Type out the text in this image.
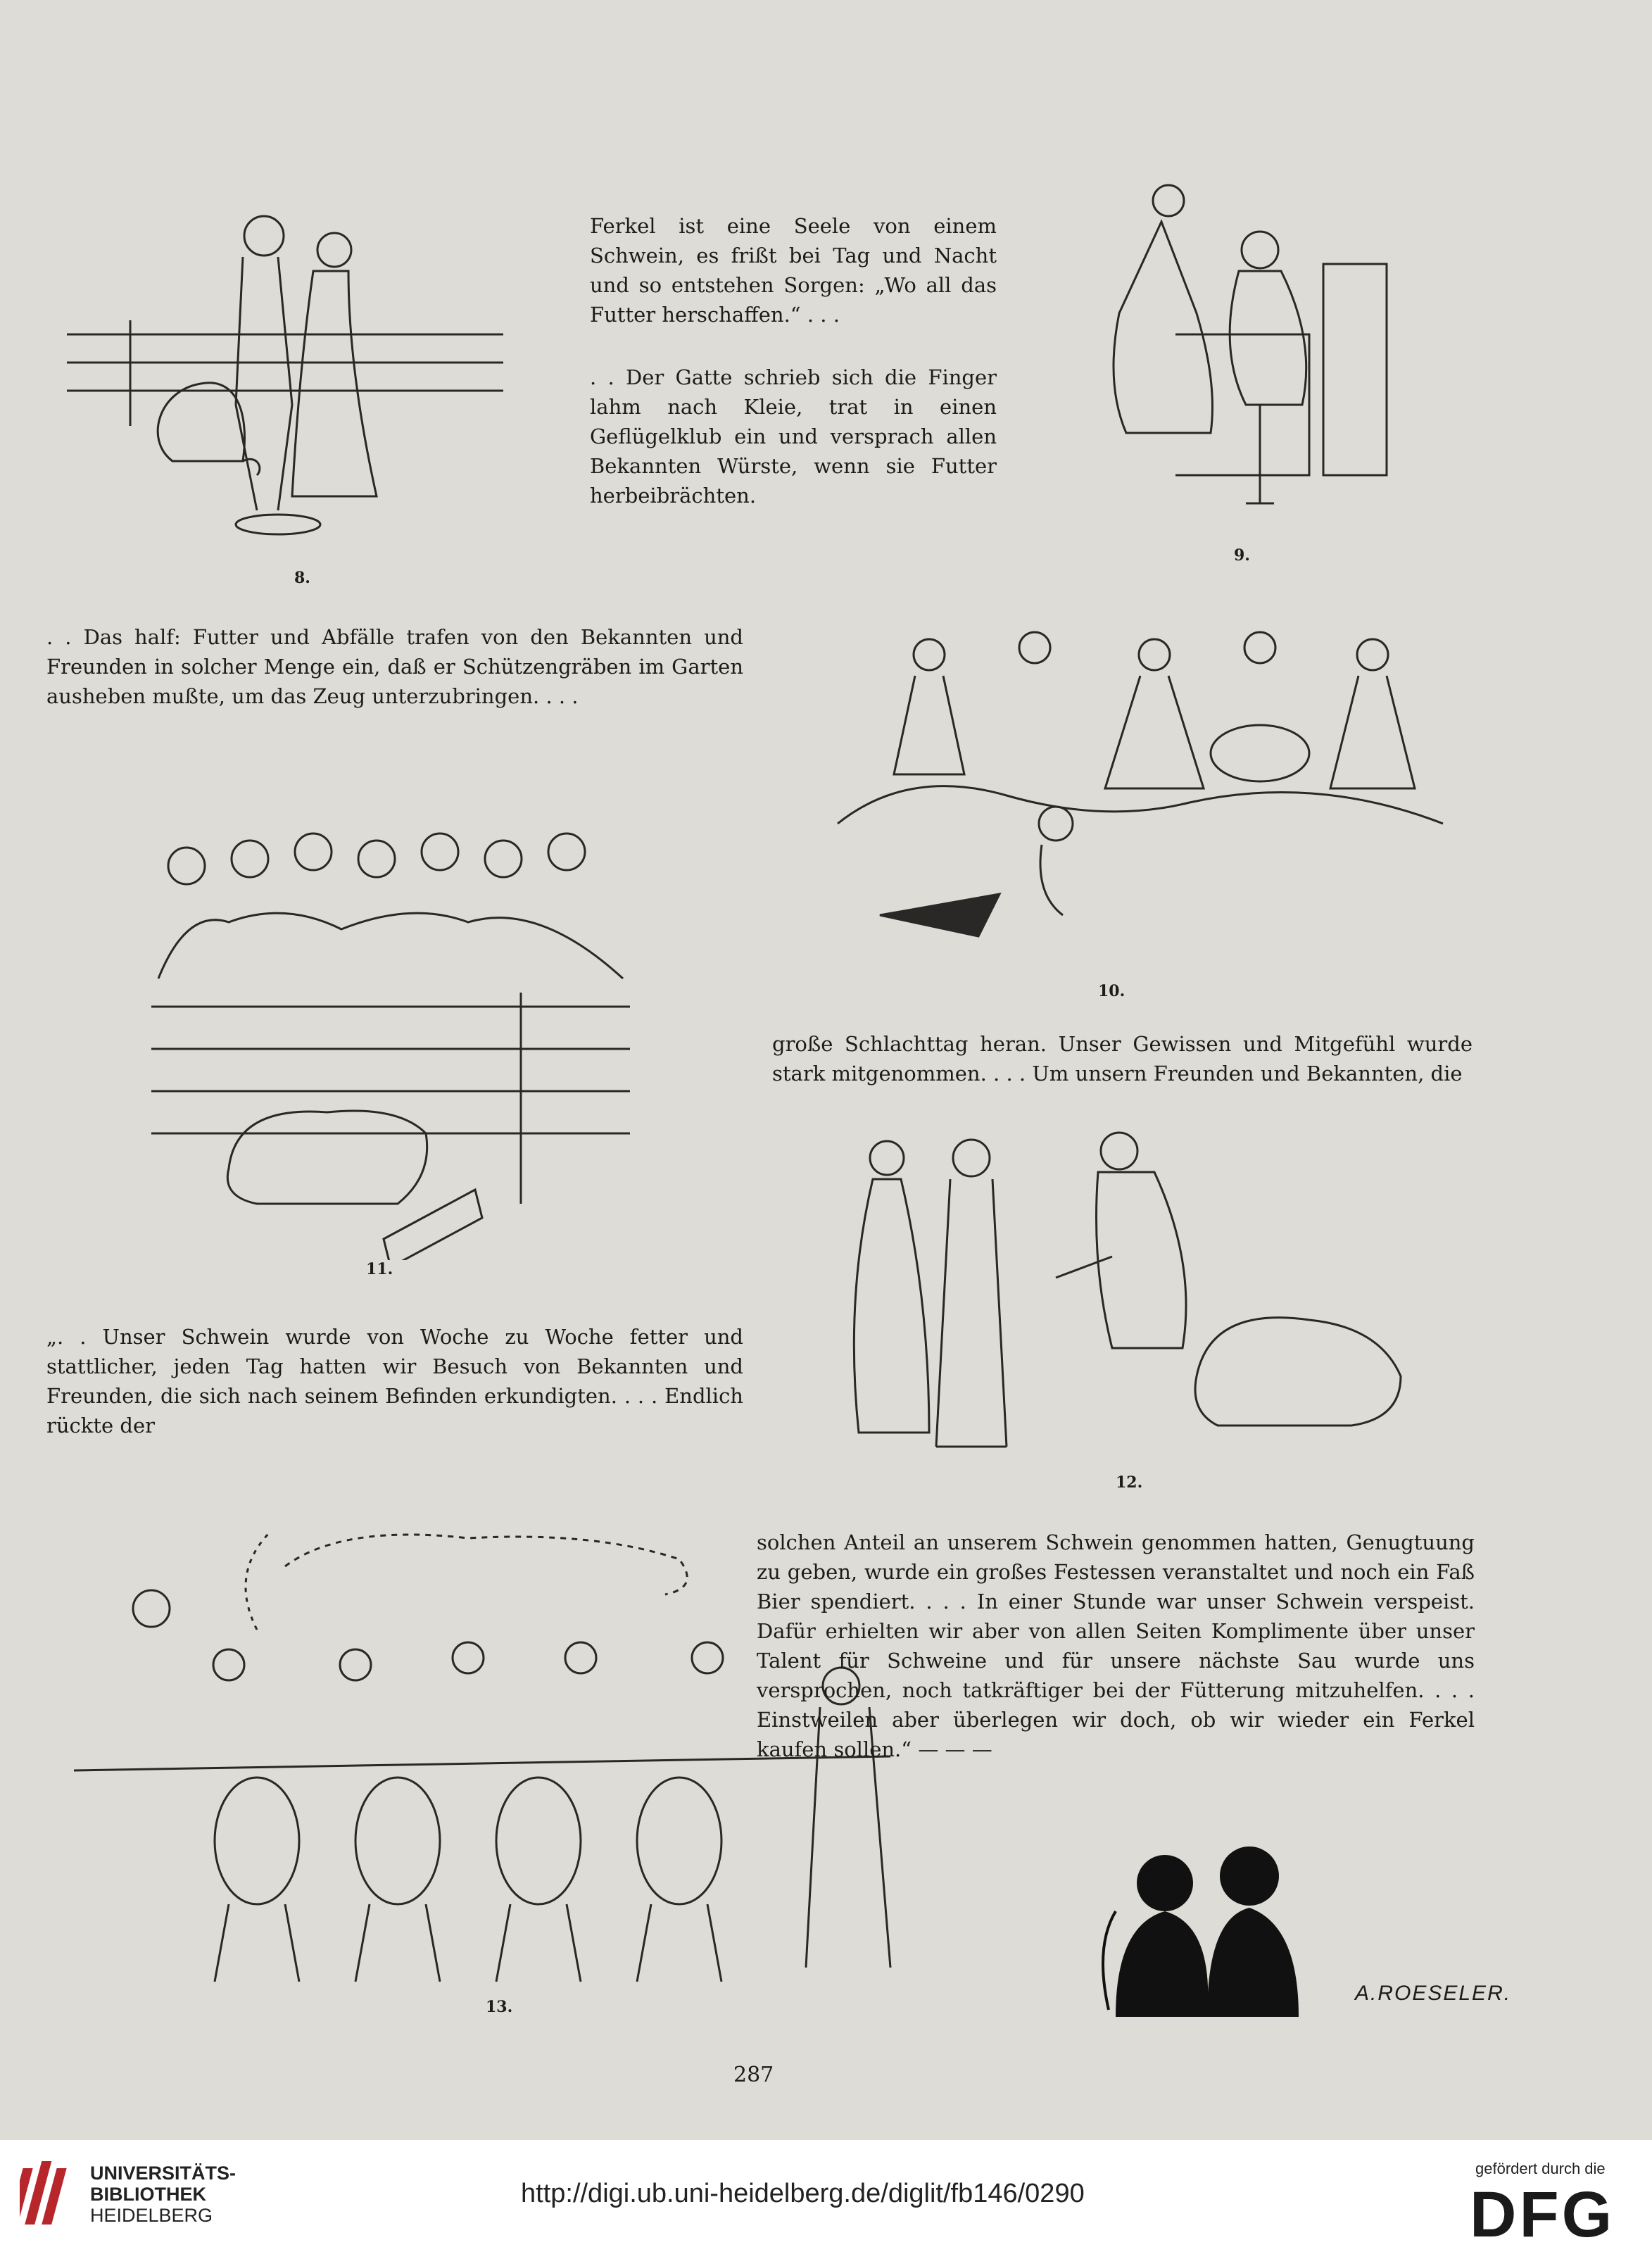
8.
Ferkel ist eine Seele von einem Schwein, es frißt bei Tag und Nacht und so entstehen Sorgen: „Wo all das Futter herschaffen.“ . . .
. . Der Gatte schrieb sich die Finger lahm nach Kleie, trat in einen Geflügelklub ein und versprach allen Bekannten Würste, wenn sie Futter herbeibrächten.
9.
. . Das half: Futter und Abfälle trafen von den Bekannten und Freunden in solcher Menge ein, daß er Schützengräben im Garten ausheben mußte, um das Zeug unterzubringen. . . .
10.
11.
große Schlachttag heran. Unser Gewissen und Mitgefühl wurde stark mitgenommen. . . . Um unsern Freunden und Bekannten, die
„. . Unser Schwein wurde von Woche zu Woche fetter und stattlicher, jeden Tag hatten wir Besuch von Bekannten und Freunden, die sich nach seinem Befinden erkundigten. . . . Endlich rückte der
12.
13.
solchen Anteil an unserem Schwein genommen hatten, Genugtuung zu geben, wurde ein großes Festessen veranstaltet und noch ein Faß Bier spendiert. . . . In einer Stunde war unser Schwein verspeist. Dafür erhielten wir aber von allen Seiten Komplimente über unser Talent für Schweine und für unsere nächste Sau wurde uns versprochen, noch tatkräftiger bei der Fütterung mitzuhelfen. . . . Einstweilen aber überlegen wir doch, ob wir wieder ein Ferkel kaufen sollen.“ — — —
A.ROESELER.
287
UNIVERSITÄTS-
BIBLIOTHEK
HEIDELBERG
http://digi.ub.uni-heidelberg.de/diglit/fb146/0290
gefördert durch die
DFG
